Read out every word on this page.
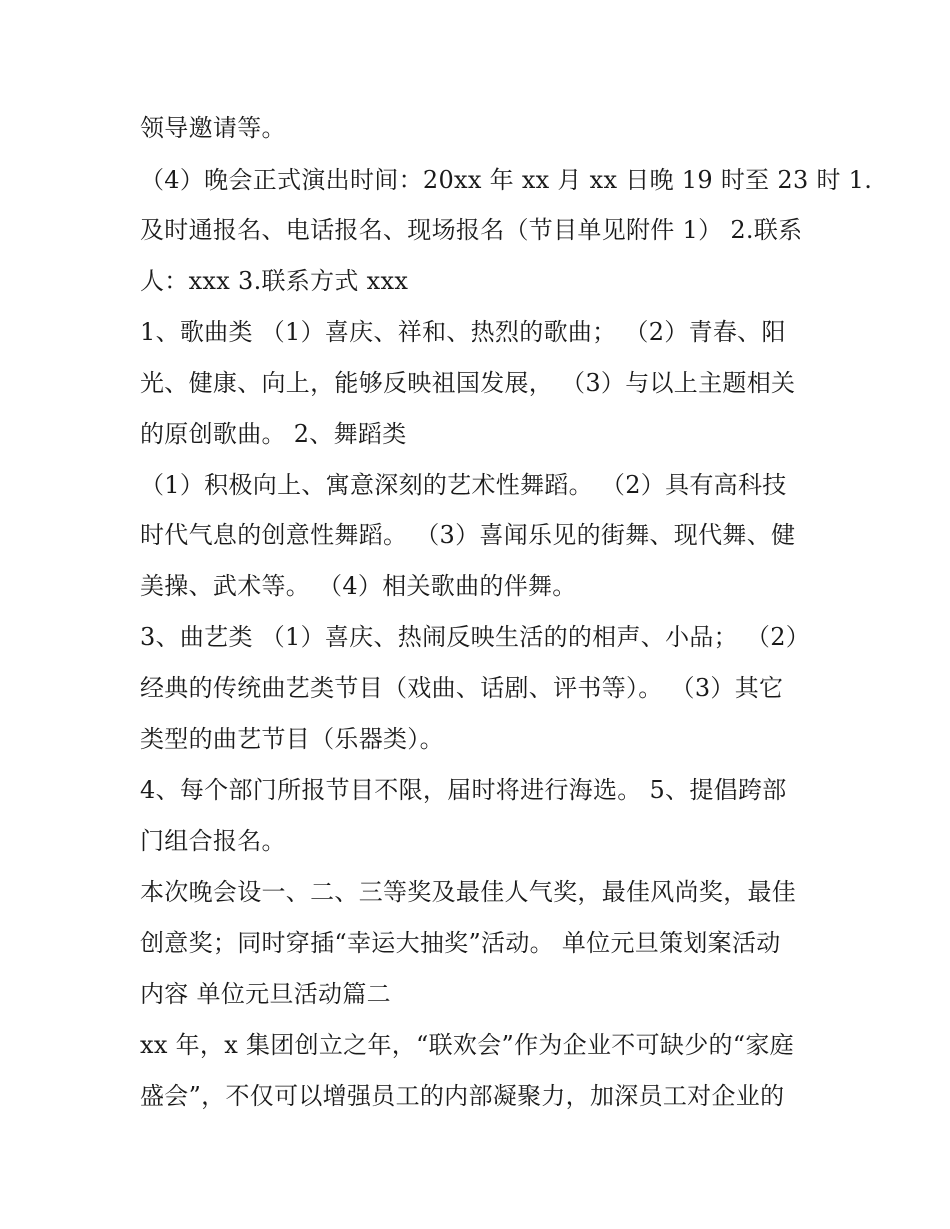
领导邀请等。
（4）晚会正式演出时间：20xx 年 xx 月 xx 日晚 19 时至 23 时 1.
及时通报名、电话报名、现场报名（节目单见附件 1） 2.联系
人：xxx 3.联系方式 xxx
1、歌曲类 （1）喜庆、祥和、热烈的歌曲； （2）青春、阳
光、健康、向上，能够反映祖国发展， （3）与以上主题相关
的原创歌曲。 2、舞蹈类
（1）积极向上、寓意深刻的艺术性舞蹈。 （2）具有高科技
时代气息的创意性舞蹈。 （3）喜闻乐见的街舞、现代舞、健
美操、武术等。 （4）相关歌曲的伴舞。
3、曲艺类 （1）喜庆、热闹反映生活的的相声、小品； （2）
经典的传统曲艺类节目（戏曲、话剧、评书等）。 （3）其它
类型的曲艺节目（乐器类）。
4、每个部门所报节目不限，届时将进行海选。 5、提倡跨部
门组合报名。
本次晚会设一、二、三等奖及最佳人气奖，最佳风尚奖，最佳
创意奖；同时穿插“幸运大抽奖”活动。 单位元旦策划案活动
内容 单位元旦活动篇二
xx 年，x 集团创立之年，“联欢会”作为企业不可缺少的“家庭
盛会”，不仅可以增强员工的内部凝聚力，加深员工对企业的
